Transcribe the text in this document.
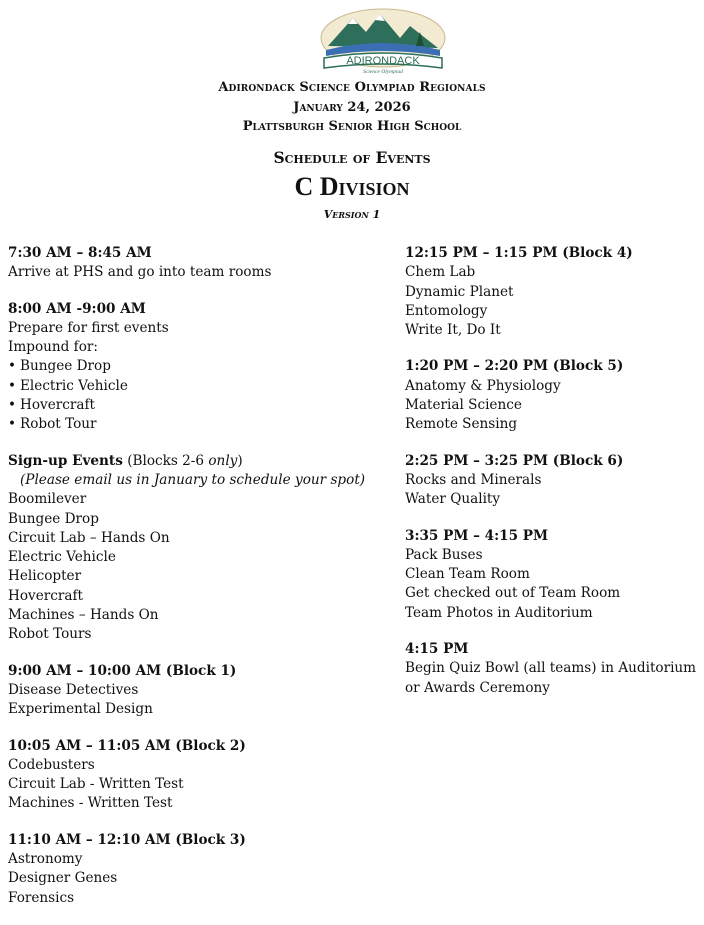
ADIRONDACK
Science Olympiad
Adirondack Science Olympiad Regionals
January 24, 2026
Plattsburgh Senior High School
Schedule of Events
C Division
Version 1
7:30 AM – 8:45 AM
Arrive at PHS and go into team rooms
8:00 AM -9:00 AM
Prepare for first events
Impound for:
• Bungee Drop
• Electric Vehicle
• Hovercraft
• Robot Tour
Sign-up Events (Blocks 2-6 only)
(Please email us in January to schedule your spot)
Boomilever
Bungee Drop
Circuit Lab – Hands On
Electric Vehicle
Helicopter
Hovercraft
Machines – Hands On
Robot Tours
9:00 AM – 10:00 AM (Block 1)
Disease Detectives
Experimental Design
10:05 AM – 11:05 AM (Block 2)
Codebusters
Circuit Lab - Written Test
Machines - Written Test
11:10 AM – 12:10 AM (Block 3)
Astronomy
Designer Genes
Forensics
12:15 PM – 1:15 PM (Block 4)
Chem Lab
Dynamic Planet
Entomology
Write It, Do It
1:20 PM – 2:20 PM (Block 5)
Anatomy & Physiology
Material Science
Remote Sensing
2:25 PM – 3:25 PM (Block 6)
Rocks and Minerals
Water Quality
3:35 PM – 4:15 PM
Pack Buses
Clean Team Room
Get checked out of Team Room
Team Photos in Auditorium
4:15 PM
Begin Quiz Bowl (all teams) in Auditorium
or Awards Ceremony
